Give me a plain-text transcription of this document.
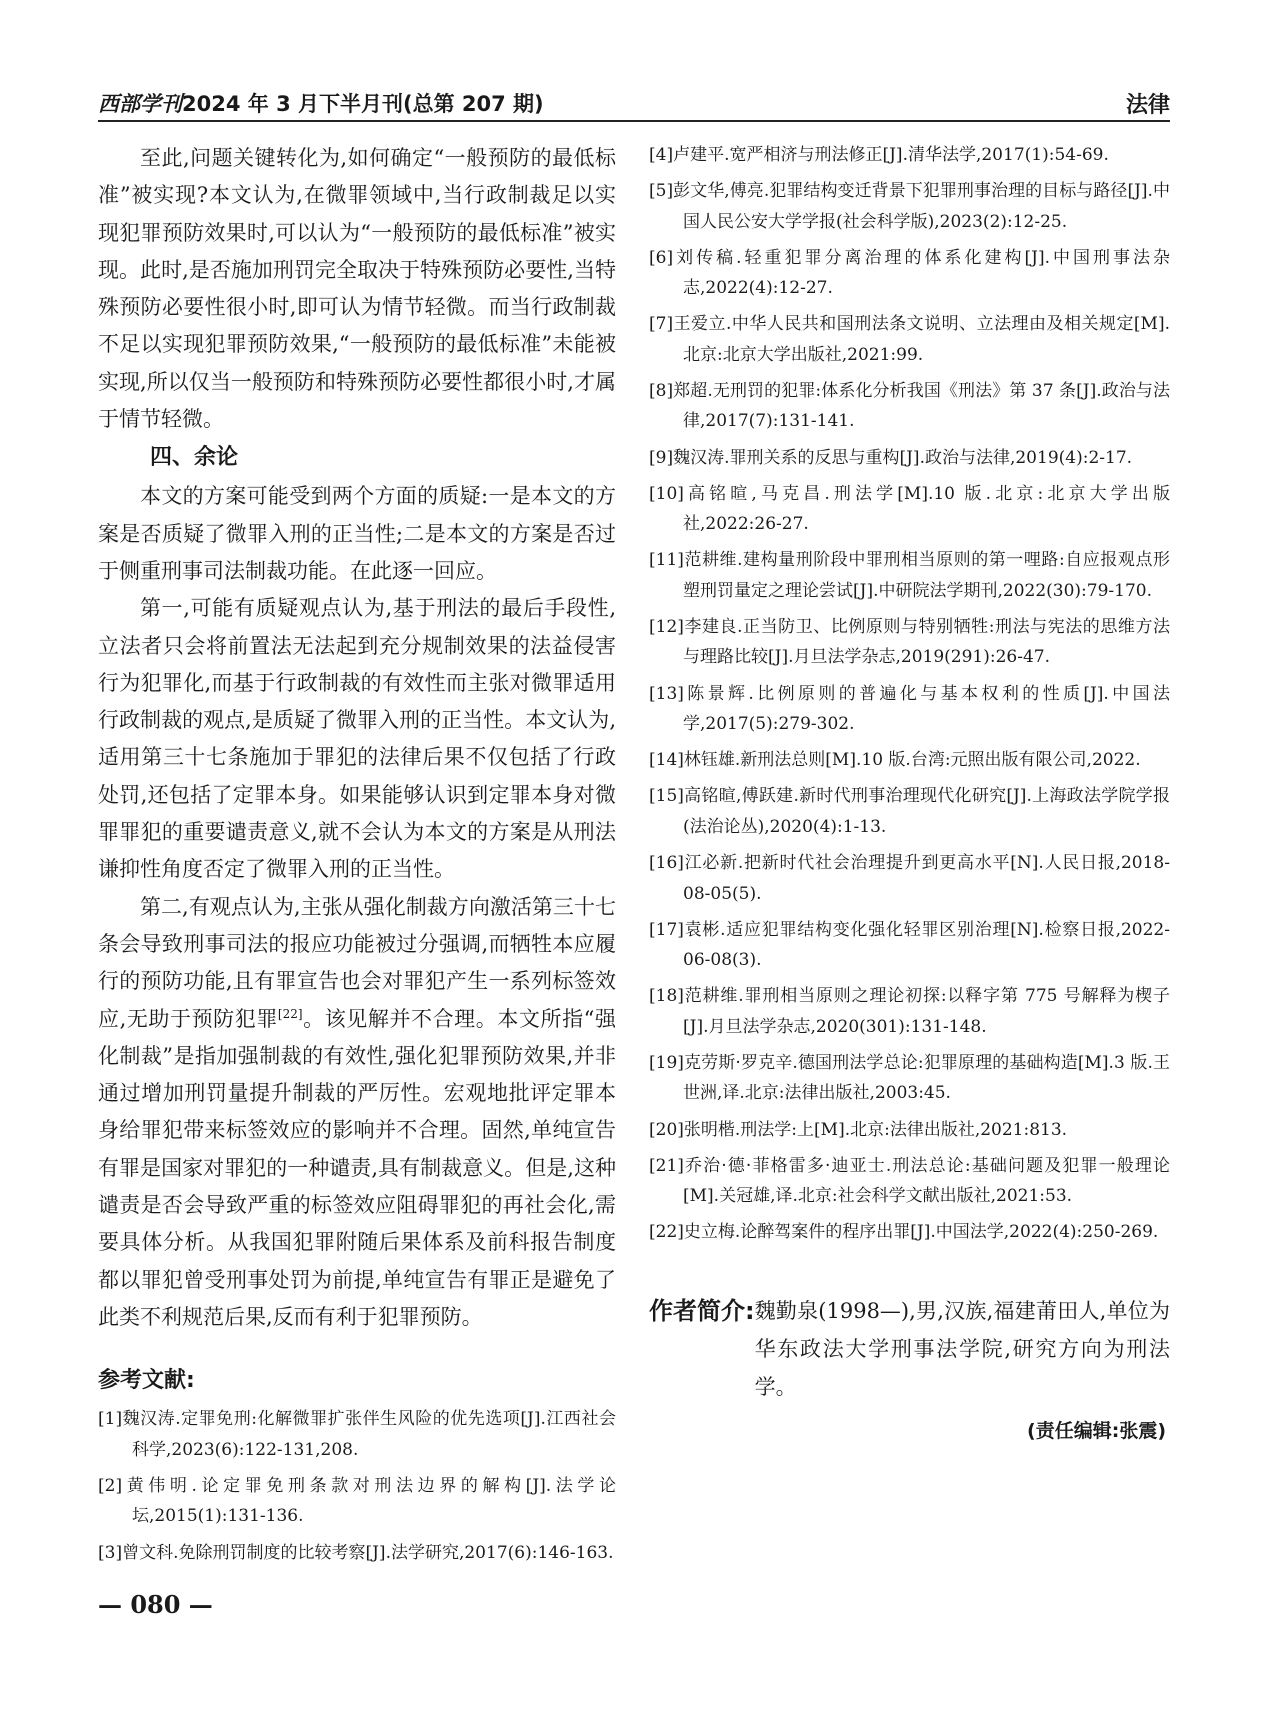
西部学刊2024 年 3 月下半月刊(总第 207 期)	法律

至此,问题关键转化为,如何确定“一般预防的最低标准”被实现?本文认为,在微罪领域中,当行政制裁足以实现犯罪预防效果时,可以认为“一般预防的最低标准”被实现。此时,是否施加刑罚完全取决于特殊预防必要性,当特殊预防必要性很小时,即可认为情节轻微。而当行政制裁不足以实现犯罪预防效果,“一般预防的最低标准”未能被实现,所以仅当一般预防和特殊预防必要性都很小时,才属于情节轻微。

四、余论

本文的方案可能受到两个方面的质疑:一是本文的方案是否质疑了微罪入刑的正当性;二是本文的方案是否过于侧重刑事司法制裁功能。在此逐一回应。

第一,可能有质疑观点认为,基于刑法的最后手段性,立法者只会将前置法无法起到充分规制效果的法益侵害行为犯罪化,而基于行政制裁的有效性而主张对微罪适用行政制裁的观点,是质疑了微罪入刑的正当性。本文认为,适用第三十七条施加于罪犯的法律后果不仅包括了行政处罚,还包括了定罪本身。如果能够认识到定罪本身对微罪罪犯的重要谴责意义,就不会认为本文的方案是从刑法谦抑性角度否定了微罪入刑的正当性。

第二,有观点认为,主张从强化制裁方向激活第三十七条会导致刑事司法的报应功能被过分强调,而牺牲本应履行的预防功能,且有罪宣告也会对罪犯产生一系列标签效应,无助于预防犯罪[22]。该见解并不合理。本文所指“强化制裁”是指加强制裁的有效性,强化犯罪预防效果,并非通过增加刑罚量提升制裁的严厉性。宏观地批评定罪本身给罪犯带来标签效应的影响并不合理。固然,单纯宣告有罪是国家对罪犯的一种谴责,具有制裁意义。但是,这种谴责是否会导致严重的标签效应阻碍罪犯的再社会化,需要具体分析。从我国犯罪附随后果体系及前科报告制度都以罪犯曾受刑事处罚为前提,单纯宣告有罪正是避免了此类不利规范后果,反而有利于犯罪预防。

参考文献:

[1]魏汉涛.定罪免刑:化解微罪扩张伴生风险的优先选项[J].江西社会科学,2023(6):122-131,208.

[2]黄伟明.论定罪免刑条款对刑法边界的解构[J].法学论坛,2015(1):131-136.

[3]曾文科.免除刑罚制度的比较考察[J].法学研究,2017(6):146-163.

[4]卢建平.宽严相济与刑法修正[J].清华法学,2017(1):54-69.

[5]彭文华,傅亮.犯罪结构变迁背景下犯罪刑事治理的目标与路径[J].中国人民公安大学学报(社会科学版),2023(2):12-25.

[6]刘传稿.轻重犯罪分离治理的体系化建构[J].中国刑事法杂志,2022(4):12-27.

[7]王爱立.中华人民共和国刑法条文说明、立法理由及相关规定[M].北京:北京大学出版社,2021:99.

[8]郑超.无刑罚的犯罪:体系化分析我国《刑法》第 37 条[J].政治与法律,2017(7):131-141.

[9]魏汉涛.罪刑关系的反思与重构[J].政治与法律,2019(4):2-17.

[10]高铭暄,马克昌.刑法学[M].10 版.北京:北京大学出版社,2022:26-27.

[11]范耕维.建构量刑阶段中罪刑相当原则的第一哩路:自应报观点形塑刑罚量定之理论尝试[J].中研院法学期刊,2022(30):79-170.

[12]李建良.正当防卫、比例原则与特别牺牲:刑法与宪法的思维方法与理路比较[J].月旦法学杂志,2019(291):26-47.

[13]陈景辉.比例原则的普遍化与基本权利的性质[J].中国法学,2017(5):279-302.

[14]林钰雄.新刑法总则[M].10 版.台湾:元照出版有限公司,2022.

[15]高铭暄,傅跃建.新时代刑事治理现代化研究[J].上海政法学院学报(法治论丛),2020(4):1-13.

[16]江必新.把新时代社会治理提升到更高水平[N].人民日报,2018-08-05(5).

[17]袁彬.适应犯罪结构变化强化轻罪区别治理[N].检察日报,2022-06-08(3).

[18]范耕维.罪刑相当原则之理论初探:以释字第 775 号解释为楔子[J].月旦法学杂志,2020(301):131-148.

[19]克劳斯·罗克辛.德国刑法学总论:犯罪原理的基础构造[M].3 版.王世洲,译.北京:法律出版社,2003:45.

[20]张明楷.刑法学:上[M].北京:法律出版社,2021:813.

[21]乔治·德·菲格雷多·迪亚士.刑法总论:基础问题及犯罪一般理论[M].关冠雄,译.北京:社会科学文献出版社,2021:53.

[22]史立梅.论醉驾案件的程序出罪[J].中国法学,2022(4):250-269.

作者简介: 魏勤泉(1998—),男,汉族,福建莆田人,单位为华东政法大学刑事法学院,研究方向为刑法学。
(责任编辑:张震)
— 080 —
